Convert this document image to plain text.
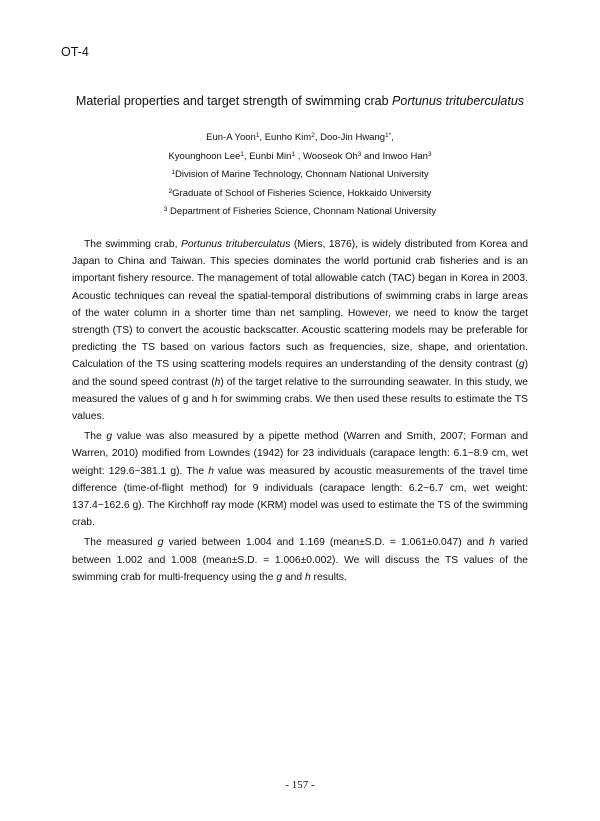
OT-4
Material properties and target strength of swimming crab Portunus trituberculatus
Eun-A Yoon$^1$, Eunho Kim$^2$, Doo-Jin Hwang$^{1*}$,
Kyounghoon Lee$^1$, Eunbi Min$^1$ , Wooseok Oh$^3$ and Inwoo Han$^3$
$^1$Division of Marine Technology, Chonnam National University
$^2$Graduate of School of Fisheries Science, Hokkaido University
$^3$ Department of Fisheries Science, Chonnam National University

The swimming crab, Portunus trituberculatus (Miers, 1876), is widely distributed from Korea and Japan to China and Taiwan. This species dominates the world portunid crab fisheries and is an important fishery resource. The management of total allowable catch (TAC) began in Korea in 2003. Acoustic techniques can reveal the spatial-temporal distributions of swimming crabs in large areas of the water column in a shorter time than net sampling. However, we need to know the target strength (TS) to convert the acoustic backscatter. Acoustic scattering models may be preferable for predicting the TS based on various factors such as frequencies, size, shape, and orientation. Calculation of the TS using scattering models requires an understanding of the density contrast (g) and the sound speed contrast (h) of the target relative to the surrounding seawater. In this study, we measured the values of g and h for swimming crabs. We then used these results to estimate the TS values.

The g value was also measured by a pipette method (Warren and Smith, 2007; Forman and Warren, 2010) modified from Lowndes (1942) for 23 individuals (carapace length: 6.1~8.9 cm, wet weight: 129.6~381.1 g). The h value was measured by acoustic measurements of the travel time difference (time-of-flight method) for 9 individuals (carapace length: 6.2~6.7 cm, wet weight: 137.4~162.6 g). The Kirchhoff ray mode (KRM) model was used to estimate the TS of the swimming crab.

The measured g varied between 1.004 and 1.169 (mean±S.D. = 1.061±0.047) and h varied between 1.002 and 1.008 (mean±S.D. = 1.006±0.002). We will discuss the TS values of the swimming crab for multi-frequency using the g and h results.

- 157 -
